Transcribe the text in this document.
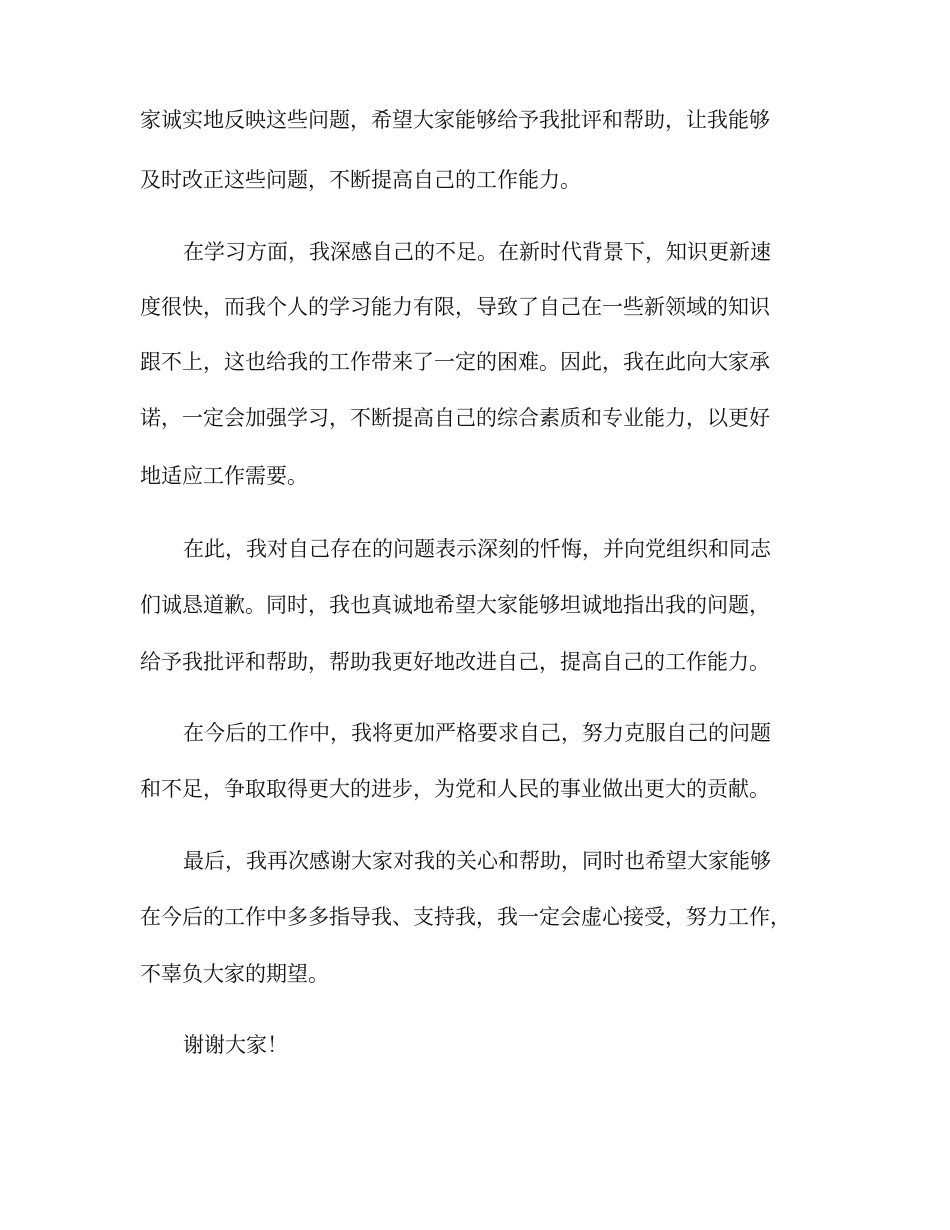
家诚实地反映这些问题，希望大家能够给予我批评和帮助，让我能够

及时改正这些问题，不断提高自己的工作能力。

在学习方面，我深感自己的不足。在新时代背景下，知识更新速

度很快，而我个人的学习能力有限，导致了自己在一些新领域的知识

跟不上，这也给我的工作带来了一定的困难。因此，我在此向大家承

诺，一定会加强学习，不断提高自己的综合素质和专业能力，以更好

地适应工作需要。

在此，我对自己存在的问题表示深刻的忏悔，并向党组织和同志

们诚恳道歉。同时，我也真诚地希望大家能够坦诚地指出我的问题，

给予我批评和帮助，帮助我更好地改进自己，提高自己的工作能力。

在今后的工作中，我将更加严格要求自己，努力克服自己的问题

和不足，争取取得更大的进步，为党和人民的事业做出更大的贡献。

最后，我再次感谢大家对我的关心和帮助，同时也希望大家能够

在今后的工作中多多指导我、支持我，我一定会虚心接受，努力工作，

不辜负大家的期望。

谢谢大家！
